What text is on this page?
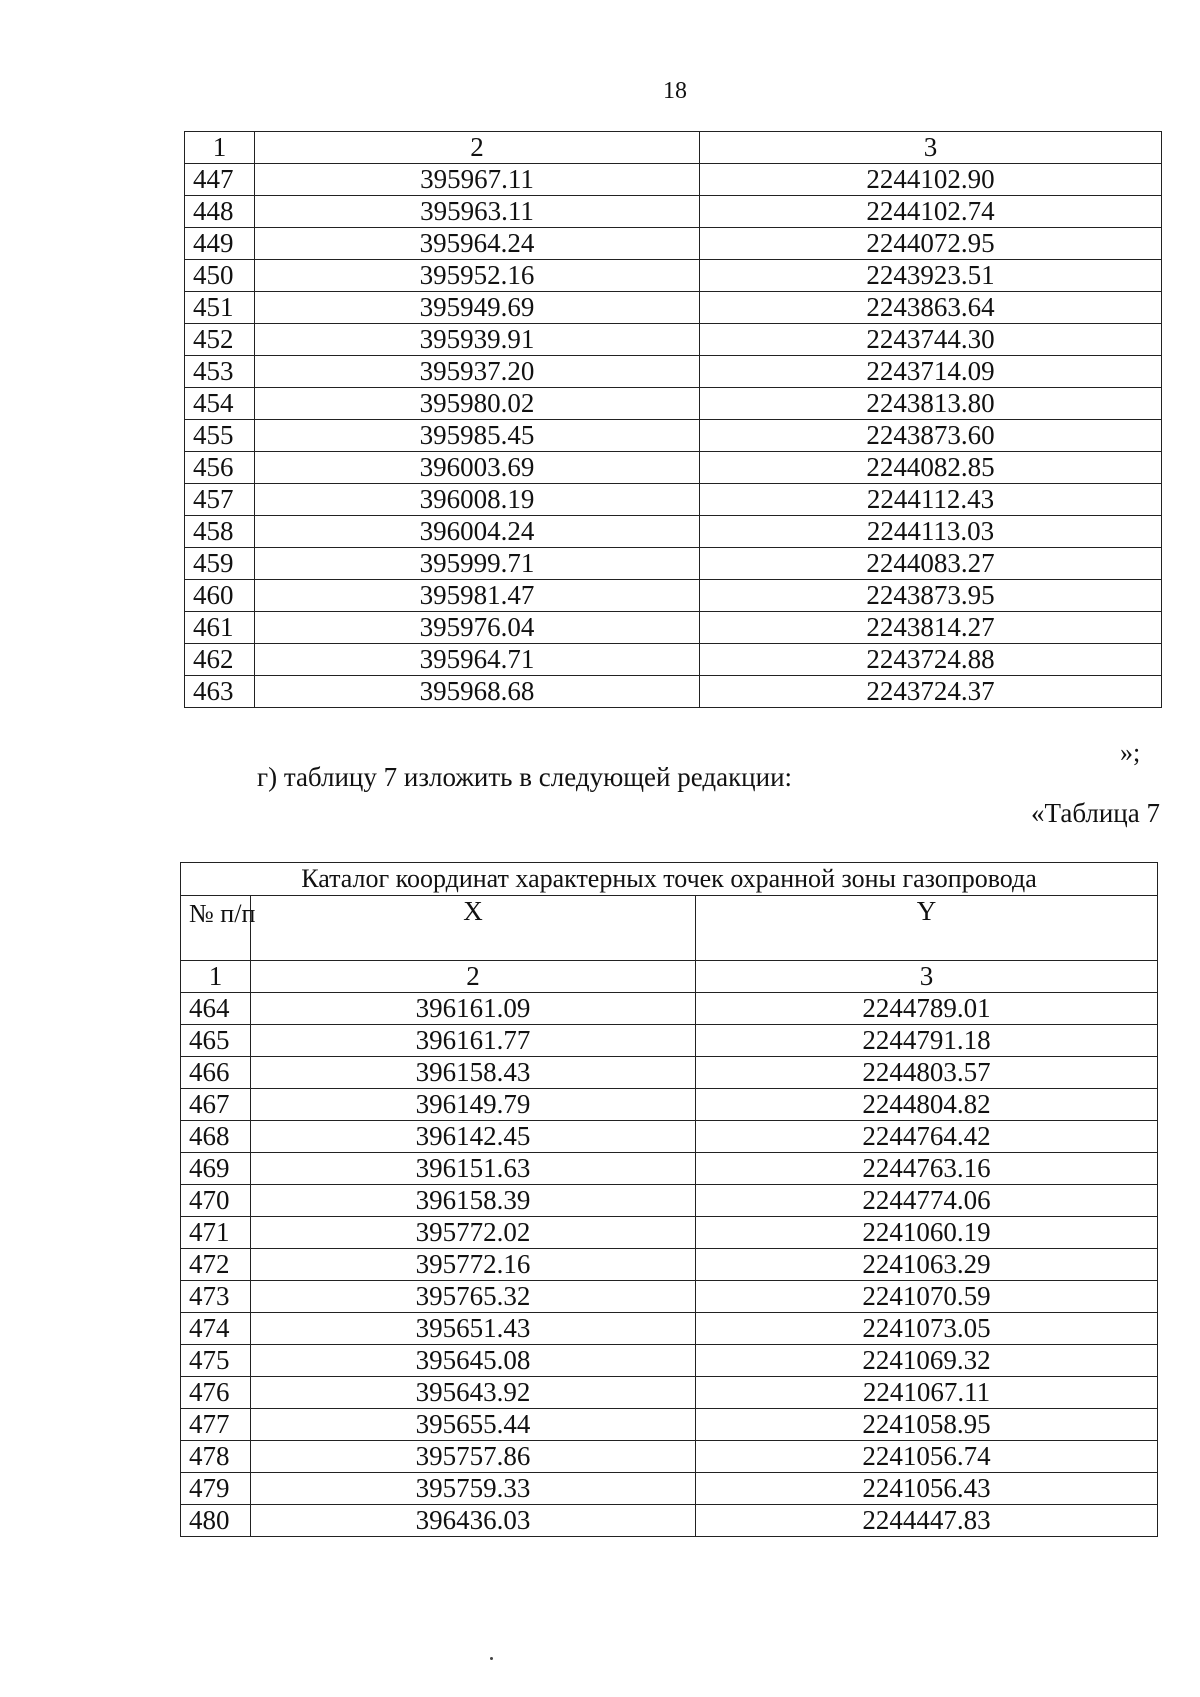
18
1	2	3
447	395967.11	2244102.90
448	395963.11	2244102.74
449	395964.24	2244072.95
450	395952.16	2243923.51
451	395949.69	2243863.64
452	395939.91	2243744.30
453	395937.20	2243714.09
454	395980.02	2243813.80
455	395985.45	2243873.60
456	396003.69	2244082.85
457	396008.19	2244112.43
458	396004.24	2244113.03
459	395999.71	2244083.27
460	395981.47	2243873.95
461	395976.04	2243814.27
462	395964.71	2243724.88
463	395968.68	2243724.37
»;
г) таблицу 7 изложить в следующей редакции:
«Таблица 7
Каталог координат характерных точек охранной зоны газопровода		
№ п/п	X	Y
1	2	3
464	396161.09	2244789.01
465	396161.77	2244791.18
466	396158.43	2244803.57
467	396149.79	2244804.82
468	396142.45	2244764.42
469	396151.63	2244763.16
470	396158.39	2244774.06
471	395772.02	2241060.19
472	395772.16	2241063.29
473	395765.32	2241070.59
474	395651.43	2241073.05
475	395645.08	2241069.32
476	395643.92	2241067.11
477	395655.44	2241058.95
478	395757.86	2241056.74
479	395759.33	2241056.43
480	396436.03	2244447.83
